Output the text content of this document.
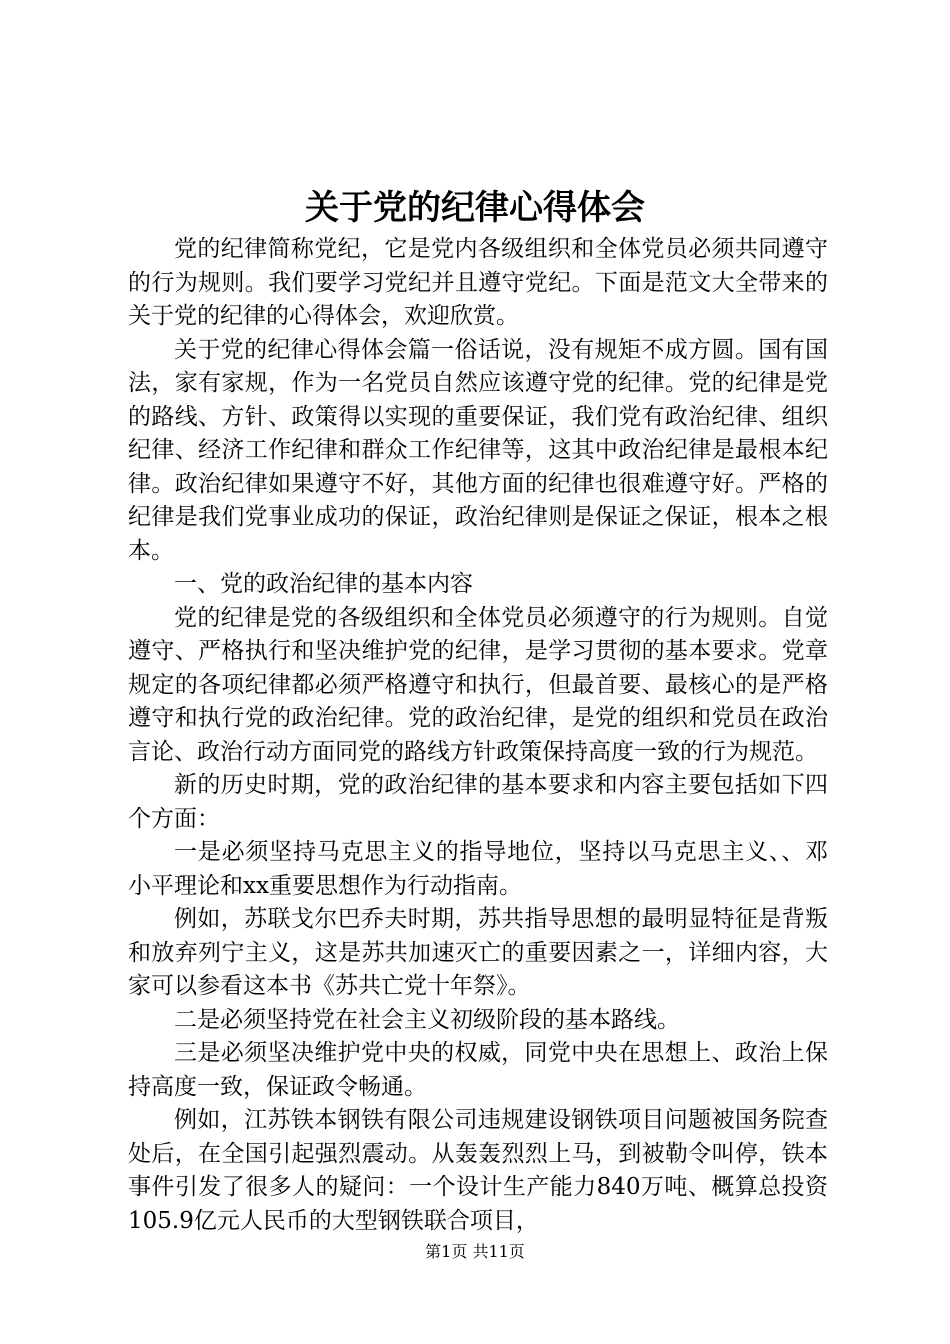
关于党的纪律心得体会

党的纪律简称党纪，它是党内各级组织和全体党员必须共同遵守的行为规则。我们要学习党纪并且遵守党纪。下面是范文大全带来的关于党的纪律的心得体会，欢迎欣赏。

关于党的纪律心得体会篇一俗话说，没有规矩不成方圆。国有国法，家有家规，作为一名党员自然应该遵守党的纪律。党的纪律是党的路线、方针、政策得以实现的重要保证，我们党有政治纪律、组织纪律、经济工作纪律和群众工作纪律等，这其中政治纪律是最根本纪律。政治纪律如果遵守不好，其他方面的纪律也很难遵守好。严格的纪律是我们党事业成功的保证，政治纪律则是保证之保证，根本之根本。

一、党的政治纪律的基本内容

党的纪律是党的各级组织和全体党员必须遵守的行为规则。自觉遵守、严格执行和坚决维护党的纪律，是学习贯彻的基本要求。党章规定的各项纪律都必须严格遵守和执行，但最首要、最核心的是严格遵守和执行党的政治纪律。党的政治纪律，是党的组织和党员在政治言论、政治行动方面同党的路线方针政策保持高度一致的行为规范。

新的历史时期，党的政治纪律的基本要求和内容主要包括如下四个方面：

一是必须坚持马克思主义的指导地位，坚持以马克思主义、、邓小平理论和xx重要思想作为行动指南。

例如，苏联戈尔巴乔夫时期，苏共指导思想的最明显特征是背叛和放弃列宁主义，这是苏共加速灭亡的重要因素之一，详细内容，大家可以参看这本书《苏共亡党十年祭》。

二是必须坚持党在社会主义初级阶段的基本路线。

三是必须坚决维护党中央的权威，同党中央在思想上、政治上保持高度一致，保证政令畅通。

例如，江苏铁本钢铁有限公司违规建设钢铁项目问题被国务院查处后，在全国引起强烈震动。从轰轰烈烈上马，到被勒令叫停，铁本事件引发了很多人的疑问：一个设计生产能力840万吨、概算总投资105.9亿元人民币的大型钢铁联合项目，

第1页 共11页
